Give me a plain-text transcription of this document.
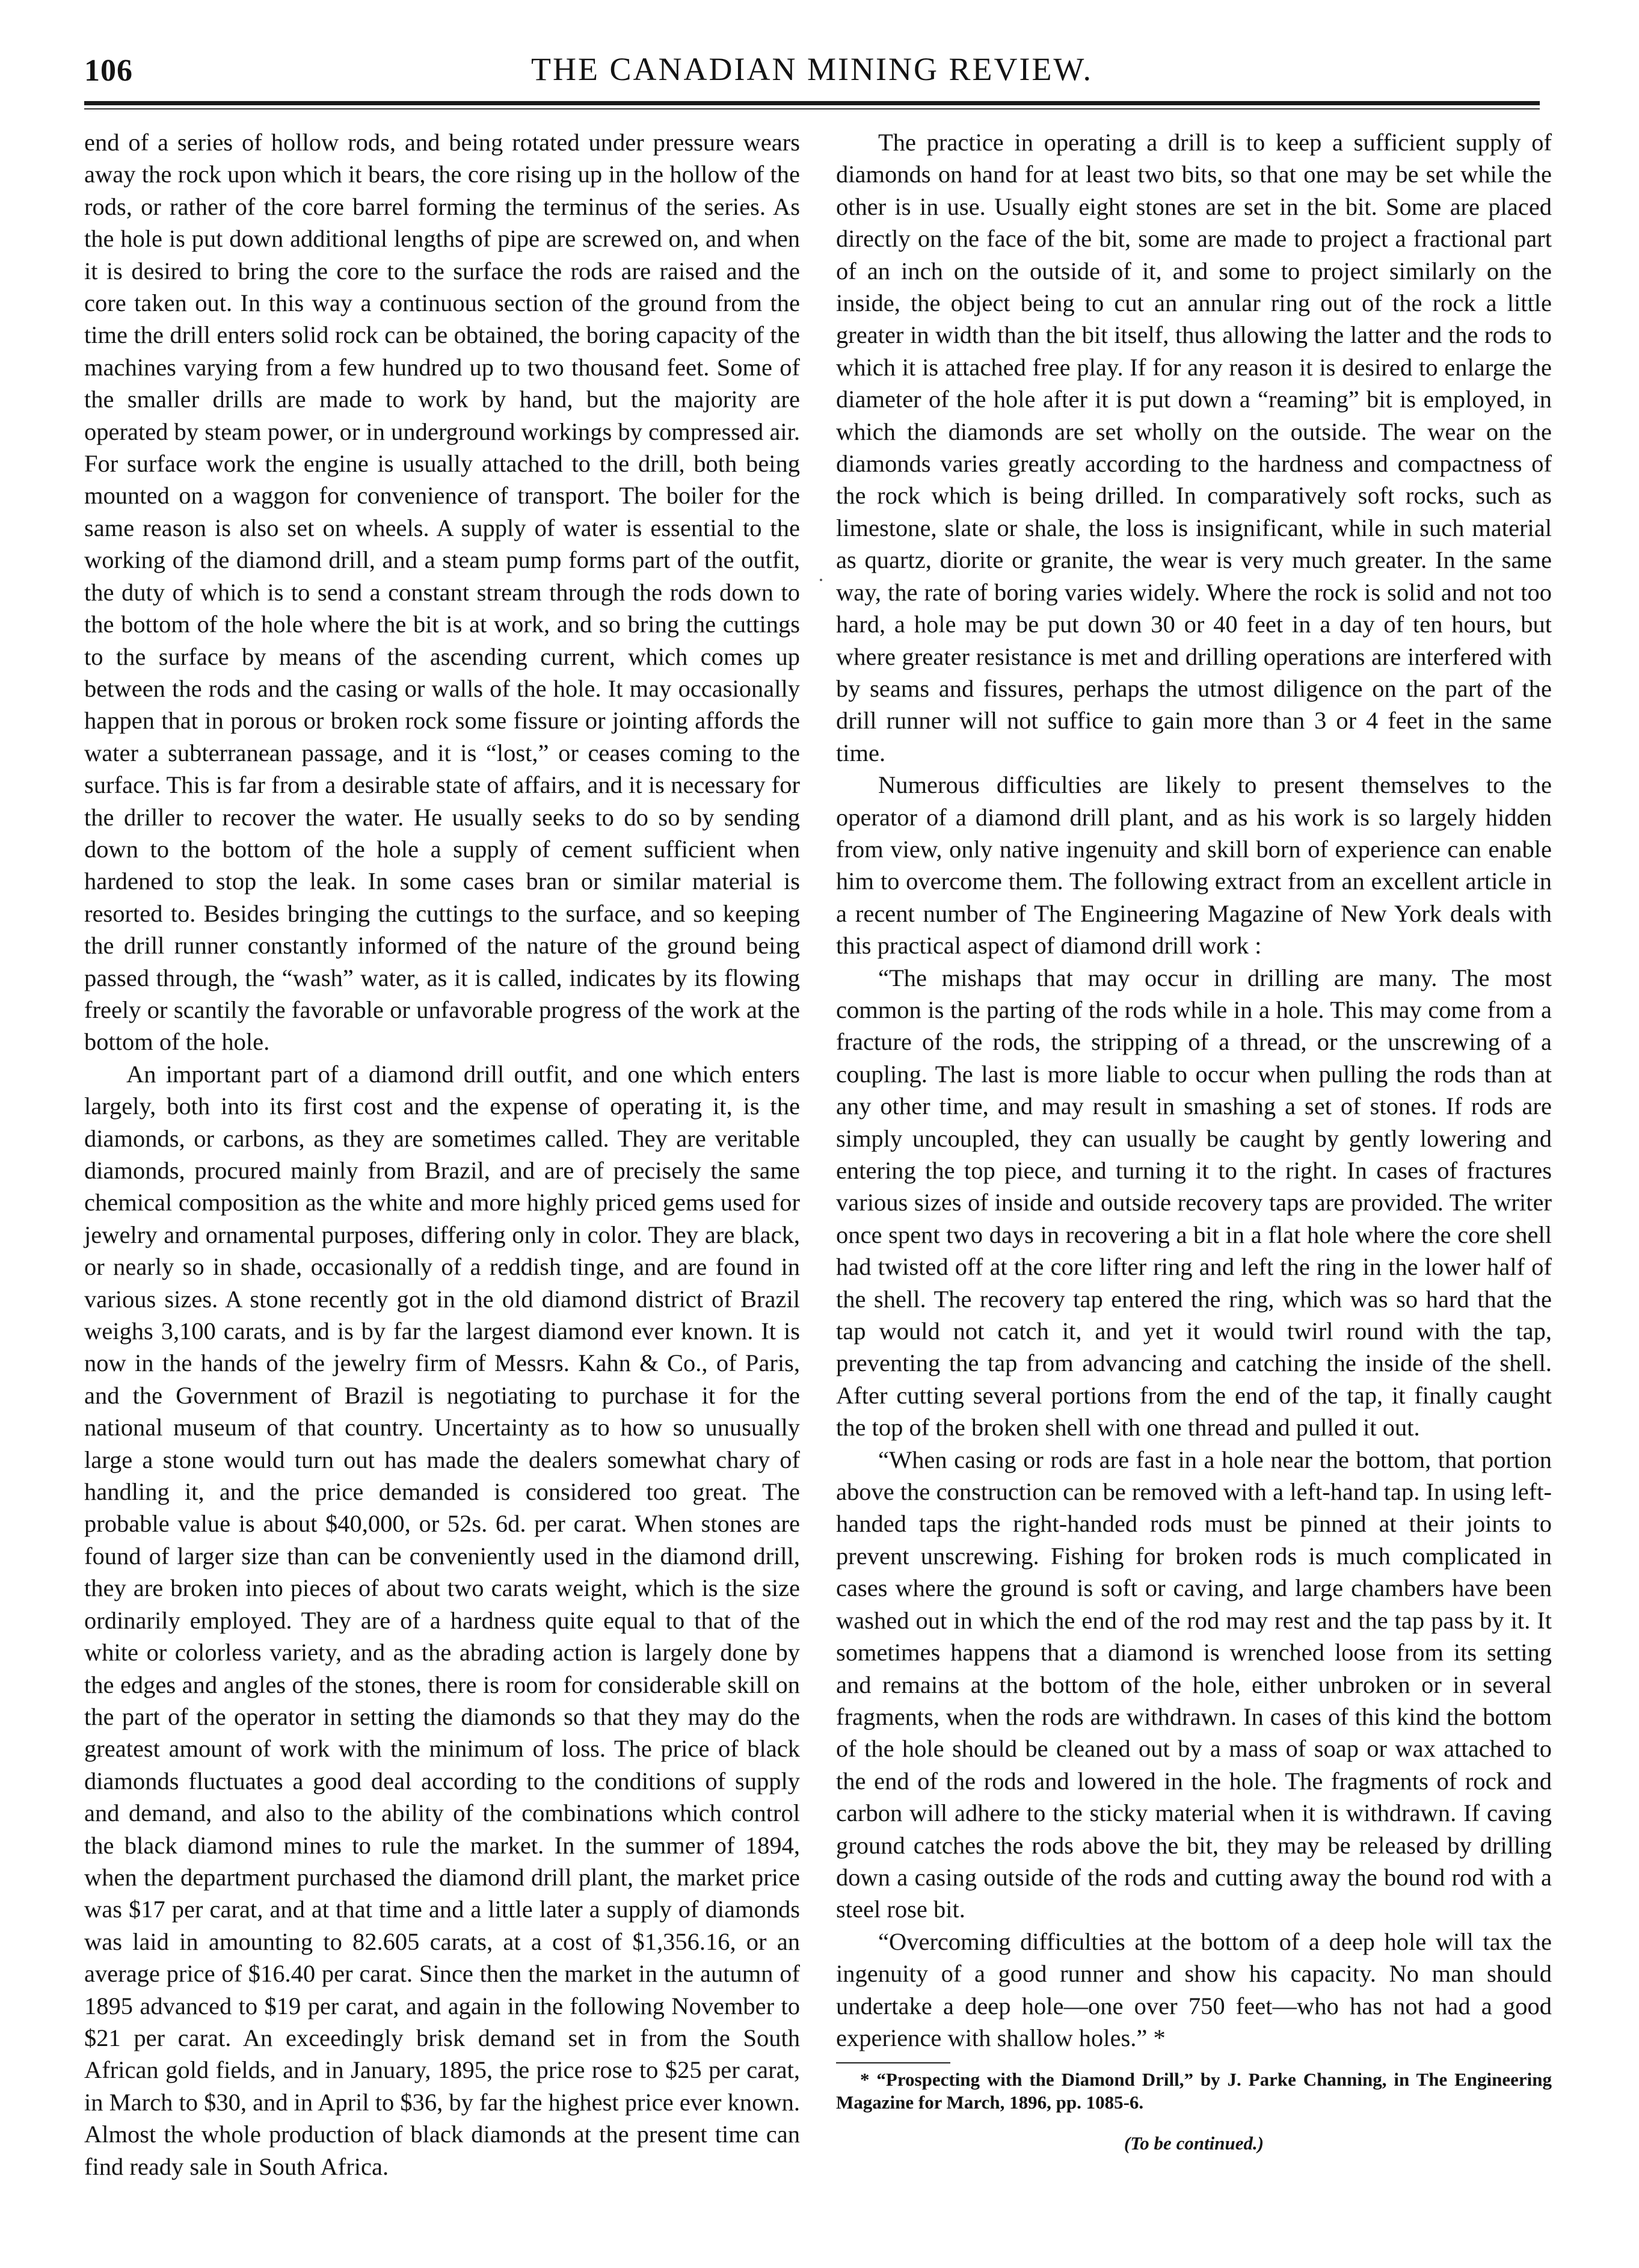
106	THE CANADIAN MINING REVIEW.

end of a series of hollow rods, and being rotated under pressure wears away the rock upon which it bears, the core rising up in the hollow of the rods, or rather of the core barrel forming the terminus of the series. As the hole is put down additional lengths of pipe are screwed on, and when it is desired to bring the core to the surface the rods are raised and the core taken out. In this way a continuous section of the ground from the time the drill enters solid rock can be obtained, the boring capacity of the machines varying from a few hundred up to two thousand feet. Some of the smaller drills are made to work by hand, but the majority are operated by steam power, or in underground workings by compressed air. For surface work the engine is usually attached to the drill, both being mounted on a waggon for convenience of transport. The boiler for the same reason is also set on wheels. A supply of water is essential to the working of the diamond drill, and a steam pump forms part of the outfit, the duty of which is to send a constant stream through the rods down to the bottom of the hole where the bit is at work, and so bring the cuttings to the surface by means of the ascending current, which comes up between the rods and the casing or walls of the hole. It may occasionally happen that in porous or broken rock some fissure or jointing affords the water a subterranean passage, and it is “lost,” or ceases coming to the surface. This is far from a desirable state of affairs, and it is necessary for the driller to recover the water. He usually seeks to do so by sending down to the bottom of the hole a supply of cement sufficient when hardened to stop the leak. In some cases bran or similar material is resorted to. Besides bringing the cuttings to the surface, and so keeping the drill runner constantly informed of the nature of the ground being passed through, the “wash” water, as it is called, indicates by its flowing freely or scantily the favorable or unfavorable progress of the work at the bottom of the hole.

An important part of a diamond drill outfit, and one which enters largely, both into its first cost and the expense of operating it, is the diamonds, or carbons, as they are sometimes called. They are veritable diamonds, procured mainly from Brazil, and are of precisely the same chemical composition as the white and more highly priced gems used for jewelry and ornamental purposes, differing only in color. They are black, or nearly so in shade, occasionally of a reddish tinge, and are found in various sizes. A stone recently got in the old diamond district of Brazil weighs 3,100 carats, and is by far the largest diamond ever known. It is now in the hands of the jewelry firm of Messrs. Kahn & Co., of Paris, and the Government of Brazil is negotiating to purchase it for the national museum of that country. Uncertainty as to how so unusually large a stone would turn out has made the dealers somewhat chary of handling it, and the price demanded is considered too great. The probable value is about $40,000, or 52s. 6d. per carat. When stones are found of larger size than can be conveniently used in the diamond drill, they are broken into pieces of about two carats weight, which is the size ordinarily employed. They are of a hardness quite equal to that of the white or colorless variety, and as the abrading action is largely done by the edges and angles of the stones, there is room for considerable skill on the part of the operator in setting the diamonds so that they may do the greatest amount of work with the minimum of loss. The price of black diamonds fluctuates a good deal according to the conditions of supply and demand, and also to the ability of the combinations which control the black diamond mines to rule the market. In the summer of 1894, when the department purchased the diamond drill plant, the market price was $17 per carat, and at that time and a little later a supply of diamonds was laid in amounting to 82.605 carats, at a cost of $1,356.16, or an average price of $16.40 per carat. Since then the market in the autumn of 1895 advanced to $19 per carat, and again in the following November to $21 per carat. An exceedingly brisk demand set in from the South African gold fields, and in January, 1895, the price rose to $25 per carat, in March to $30, and in April to $36, by far the highest price ever known. Almost the whole production of black diamonds at the present time can find ready sale in South Africa.

The practice in operating a drill is to keep a sufficient supply of diamonds on hand for at least two bits, so that one may be set while the other is in use. Usually eight stones are set in the bit. Some are placed directly on the face of the bit, some are made to project a fractional part of an inch on the outside of it, and some to project similarly on the inside, the object being to cut an annular ring out of the rock a little greater in width than the bit itself, thus allowing the latter and the rods to which it is attached free play. If for any reason it is desired to enlarge the diameter of the hole after it is put down a “reaming” bit is employed, in which the diamonds are set wholly on the outside. The wear on the diamonds varies greatly according to the hardness and compactness of the rock which is being drilled. In comparatively soft rocks, such as limestone, slate or shale, the loss is insignificant, while in such material as quartz, diorite or granite, the wear is very much greater. In the same way, the rate of boring varies widely. Where the rock is solid and not too hard, a hole may be put down 30 or 40 feet in a day of ten hours, but where greater resistance is met and drilling operations are interfered with by seams and fissures, perhaps the utmost diligence on the part of the drill runner will not suffice to gain more than 3 or 4 feet in the same time.

Numerous difficulties are likely to present themselves to the operator of a diamond drill plant, and as his work is so largely hidden from view, only native ingenuity and skill born of experience can enable him to overcome them. The following extract from an excellent article in a recent number of The Engineering Magazine of New York deals with this practical aspect of diamond drill work :

“The mishaps that may occur in drilling are many. The most common is the parting of the rods while in a hole. This may come from a fracture of the rods, the stripping of a thread, or the unscrewing of a coupling. The last is more liable to occur when pulling the rods than at any other time, and may result in smashing a set of stones. If rods are simply uncoupled, they can usually be caught by gently lowering and entering the top piece, and turning it to the right. In cases of fractures various sizes of inside and outside recovery taps are provided. The writer once spent two days in recovering a bit in a flat hole where the core shell had twisted off at the core lifter ring and left the ring in the lower half of the shell. The recovery tap entered the ring, which was so hard that the tap would not catch it, and yet it would twirl round with the tap, preventing the tap from advancing and catching the inside of the shell. After cutting several portions from the end of the tap, it finally caught the top of the broken shell with one thread and pulled it out.

“When casing or rods are fast in a hole near the bottom, that portion above the construction can be removed with a left-hand tap. In using left-handed taps the right-handed rods must be pinned at their joints to prevent unscrewing. Fishing for broken rods is much complicated in cases where the ground is soft or caving, and large chambers have been washed out in which the end of the rod may rest and the tap pass by it. It sometimes happens that a diamond is wrenched loose from its setting and remains at the bottom of the hole, either unbroken or in several fragments, when the rods are withdrawn. In cases of this kind the bottom of the hole should be cleaned out by a mass of soap or wax attached to the end of the rods and lowered in the hole. The fragments of rock and carbon will adhere to the sticky material when it is withdrawn. If caving ground catches the rods above the bit, they may be released by drilling down a casing outside of the rods and cutting away the bound rod with a steel rose bit.

“Overcoming difficulties at the bottom of a deep hole will tax the ingenuity of a good runner and show his capacity. No man should undertake a deep hole—one over 750 feet—who has not had a good experience with shallow holes.” *

* “Prospecting with the Diamond Drill,” by J. Parke Channing, in The Engineering Magazine for March, 1896, pp. 1085-6.

(To be continued.)
